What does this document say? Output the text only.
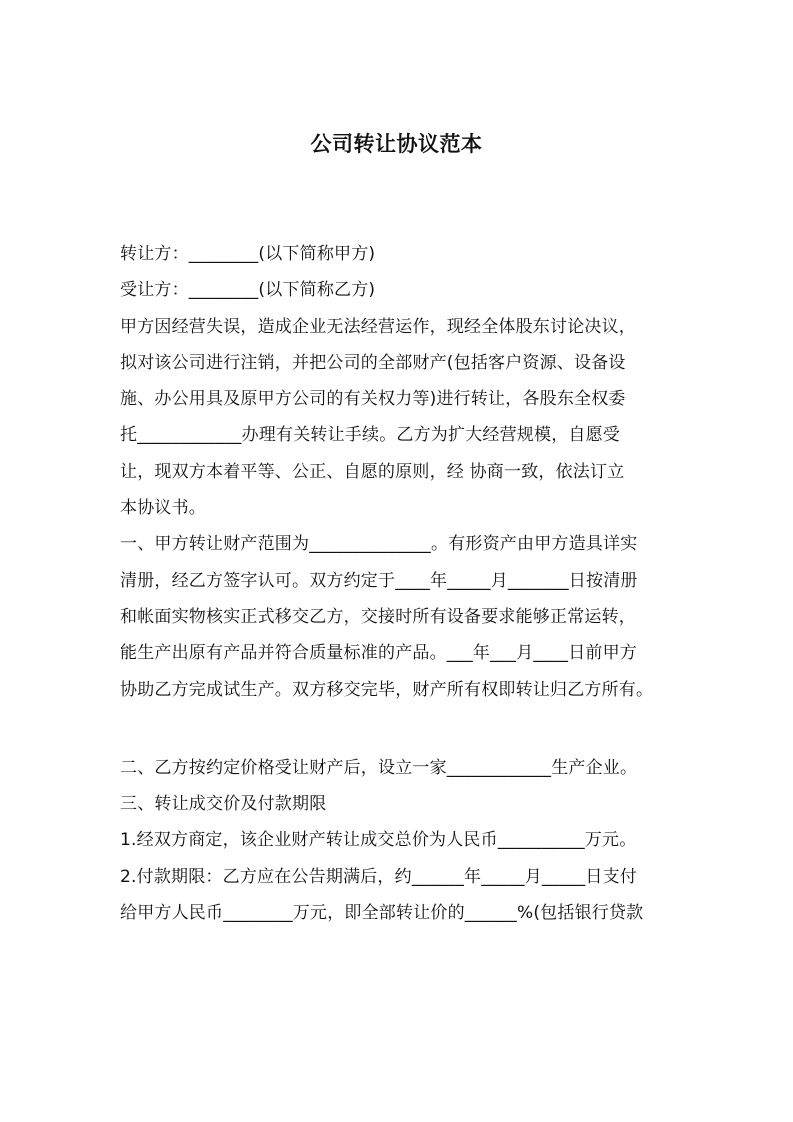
公司转让协议范本
转让方：________(以下简称甲方)
受让方：________(以下简称乙方)
甲方因经营失误，造成企业无法经营运作，现经全体股东讨论决议，
拟对该公司进行注销，并把公司的全部财产(包括客户资源、设备设
施、办公用具及原甲方公司的有关权力等)进行转让，各股东全权委
托____________办理有关转让手续。乙方为扩大经营规模，自愿受
让，现双方本着平等、公正、自愿的原则，经 协商一致，依法订立
本协议书。
一、甲方转让财产范围为______________。有形资产由甲方造具详实
清册，经乙方签字认可。双方约定于____年_____月_______日按清册
和帐面实物核实正式移交乙方，交接时所有设备要求能够正常运转，
能生产出原有产品并符合质量标准的产品。___年___月____日前甲方
协助乙方完成试生产。双方移交完毕，财产所有权即转让归乙方所有。
二、乙方按约定价格受让财产后，设立一家____________生产企业。
三、转让成交价及付款期限
1.经双方商定，该企业财产转让成交总价为人民币__________万元。
2.付款期限：乙方应在公告期满后，约______年_____月_____日支付
给甲方人民币________万元，即全部转让价的______%(包括银行贷款
